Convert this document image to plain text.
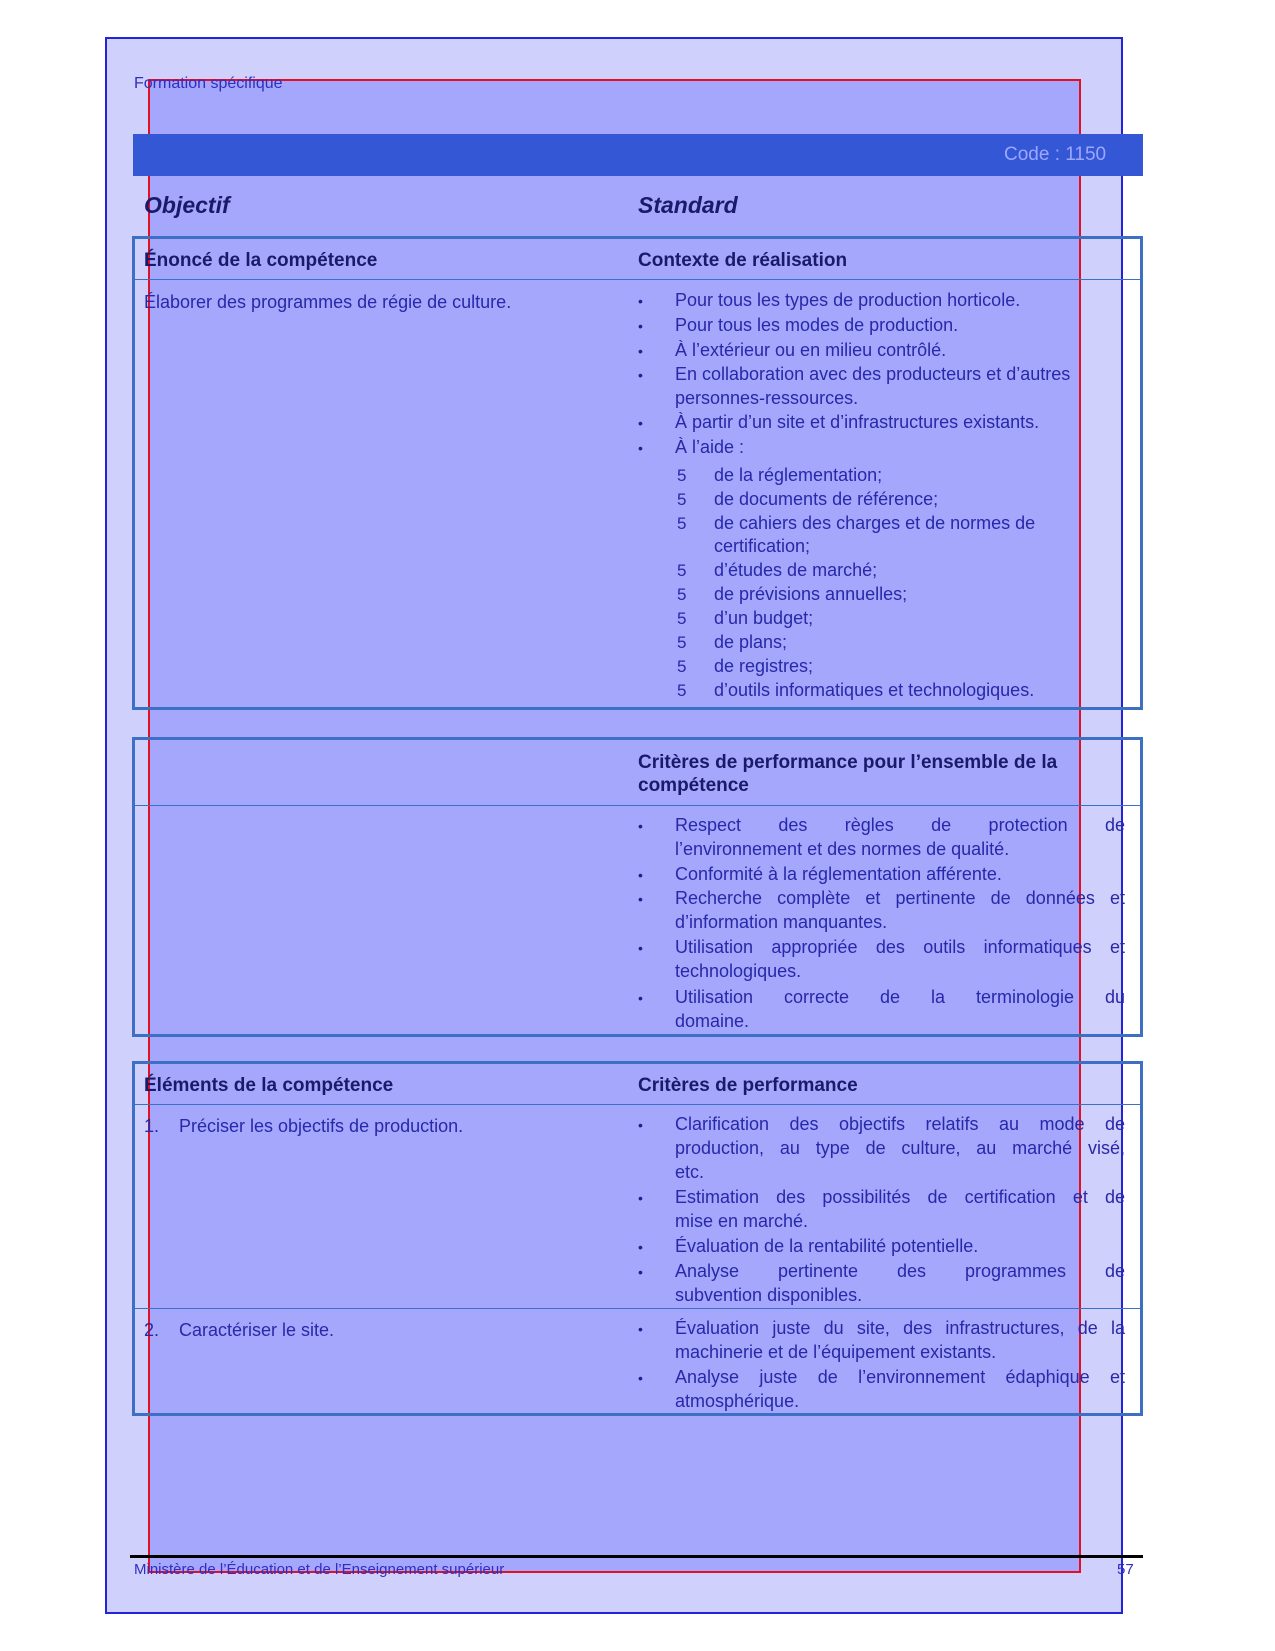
Formation spécifique
Code : 1150
Objectif	Standard
Énoncé de la compétence	Contexte de réalisation
Élaborer des programmes de régie de culture.	• Pour tous les types de production horticole.
• Pour tous les modes de production.
• À l’extérieur ou en milieu contrôlé.
• En collaboration avec des producteurs et d’autres
personnes-ressources.
• À partir d’un site et d’infrastructures existants.
• À l’aide :
5 de la réglementation;
5 de documents de référence;
5 de cahiers des charges et de normes de
certification;
5 d’études de marché;
5 de prévisions annuelles;
5 d’un budget;
5 de plans;
5 de registres;
5 d’outils informatiques et technologiques.
Critères de performance pour l’ensemble de la
compétence
• Respect des règles de protection de
l’environnement et des normes de qualité.
• Conformité à la réglementation afférente.
• Recherche complète et pertinente de données et
d’information manquantes.
• Utilisation appropriée des outils informatiques et
technologiques.
• Utilisation correcte de la terminologie du
domaine.
Éléments de la compétence	Critères de performance
1. Préciser les objectifs de production.	• Clarification des objectifs relatifs au mode de
production, au type de culture, au marché visé,
etc.
• Estimation des possibilités de certification et de
mise en marché.
• Évaluation de la rentabilité potentielle.
• Analyse pertinente des programmes de
subvention disponibles.
2. Caractériser le site.	• Évaluation juste du site, des infrastructures, de la
machinerie et de l’équipement existants.
• Analyse juste de l’environnement édaphique et
atmosphérique.
Ministère de l’Éducation et de l’Enseignement supérieur	57
